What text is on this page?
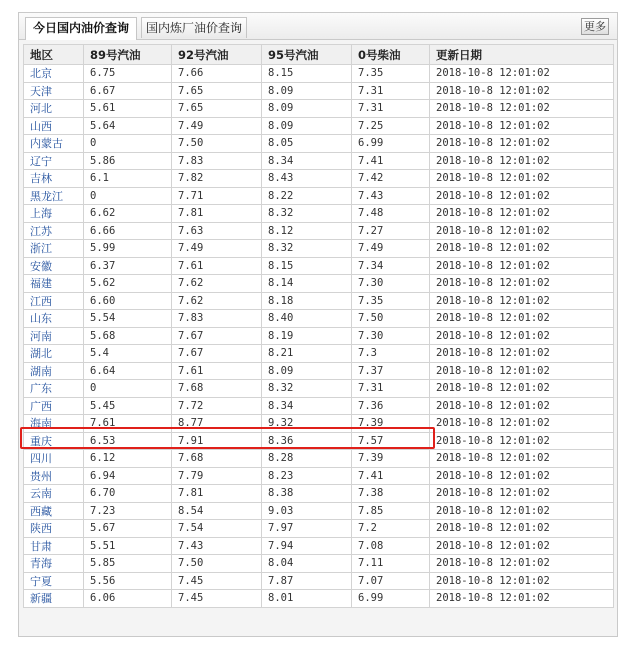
今日国内油价查询	国内炼厂油价查询	更多
地区	89号汽油	92号汽油	95号汽油	0号柴油	更新日期
北京	6.75	7.66	8.15	7.35	2018-10-8 12:01:02
天津	6.67	7.65	8.09	7.31	2018-10-8 12:01:02
河北	5.61	7.65	8.09	7.31	2018-10-8 12:01:02
山西	5.64	7.49	8.09	7.25	2018-10-8 12:01:02
内蒙古	0	7.50	8.05	6.99	2018-10-8 12:01:02
辽宁	5.86	7.83	8.34	7.41	2018-10-8 12:01:02
吉林	6.1	7.82	8.43	7.42	2018-10-8 12:01:02
黑龙江	0	7.71	8.22	7.43	2018-10-8 12:01:02
上海	6.62	7.81	8.32	7.48	2018-10-8 12:01:02
江苏	6.66	7.63	8.12	7.27	2018-10-8 12:01:02
浙江	5.99	7.49	8.32	7.49	2018-10-8 12:01:02
安徽	6.37	7.61	8.15	7.34	2018-10-8 12:01:02
福建	5.62	7.62	8.14	7.30	2018-10-8 12:01:02
江西	6.60	7.62	8.18	7.35	2018-10-8 12:01:02
山东	5.54	7.83	8.40	7.50	2018-10-8 12:01:02
河南	5.68	7.67	8.19	7.30	2018-10-8 12:01:02
湖北	5.4	7.67	8.21	7.3	2018-10-8 12:01:02
湖南	6.64	7.61	8.09	7.37	2018-10-8 12:01:02
广东	0	7.68	8.32	7.31	2018-10-8 12:01:02
广西	5.45	7.72	8.34	7.36	2018-10-8 12:01:02
海南	7.61	8.77	9.32	7.39	2018-10-8 12:01:02
重庆	6.53	7.91	8.36	7.57	2018-10-8 12:01:02
四川	6.12	7.68	8.28	7.39	2018-10-8 12:01:02
贵州	6.94	7.79	8.23	7.41	2018-10-8 12:01:02
云南	6.70	7.81	8.38	7.38	2018-10-8 12:01:02
西藏	7.23	8.54	9.03	7.85	2018-10-8 12:01:02
陕西	5.67	7.54	7.97	7.2	2018-10-8 12:01:02
甘肃	5.51	7.43	7.94	7.08	2018-10-8 12:01:02
青海	5.85	7.50	8.04	7.11	2018-10-8 12:01:02
宁夏	5.56	7.45	7.87	7.07	2018-10-8 12:01:02
新疆	6.06	7.45	8.01	6.99	2018-10-8 12:01:02
